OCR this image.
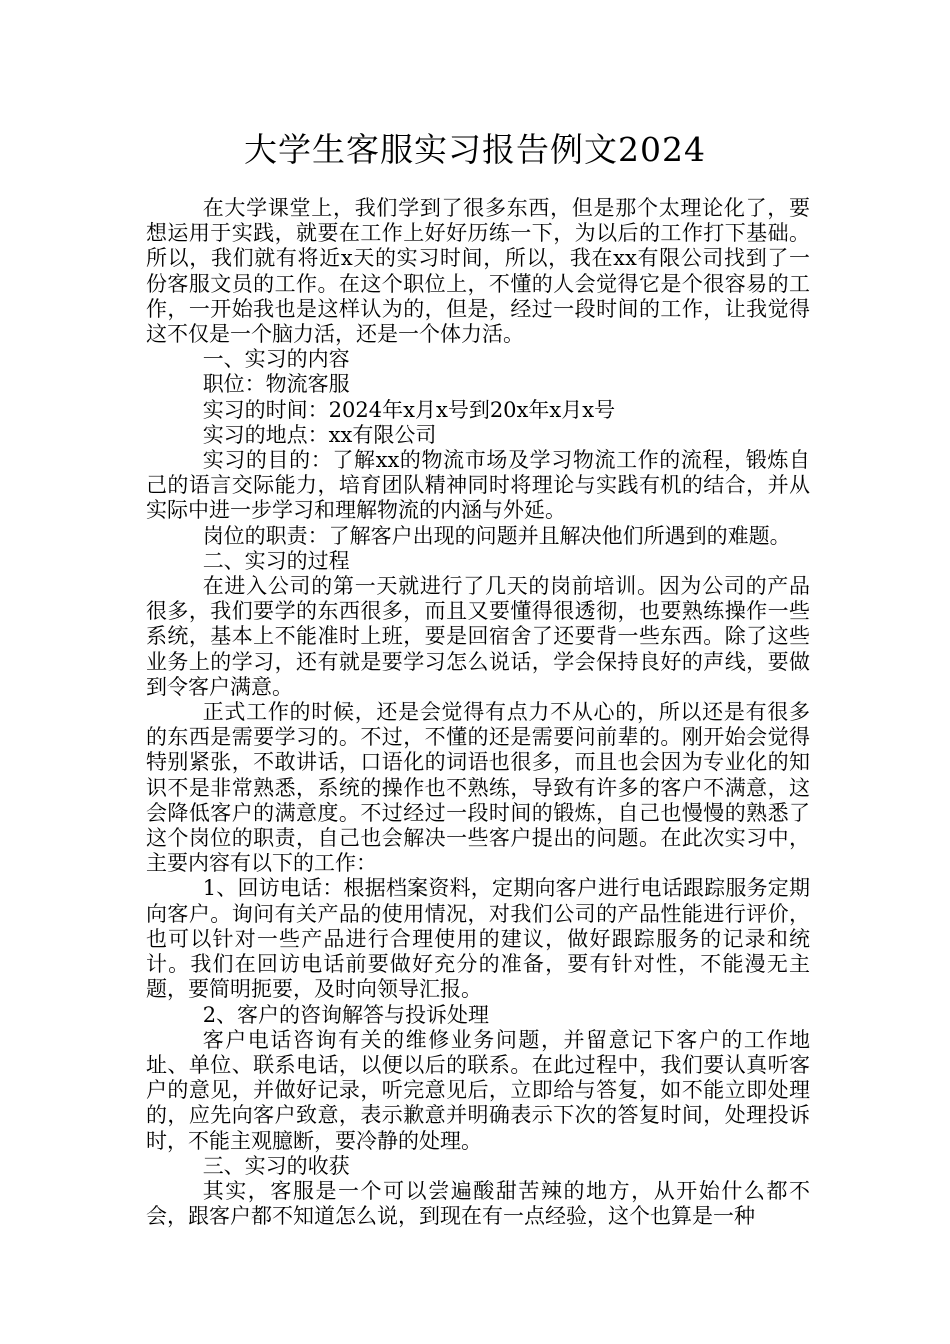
大学生客服实习报告例文2024

在大学课堂上，我们学到了很多东西，但是那个太理论化了，要想运用于实践，就要在工作上好好历练一下，为以后的工作打下基础。所以，我们就有将近x天的实习时间，所以，我在xx有限公司找到了一份客服文员的工作。在这个职位上，不懂的人会觉得它是个很容易的工作，一开始我也是这样认为的，但是，经过一段时间的工作，让我觉得这不仅是一个脑力活，还是一个体力活。

一、实习的内容

职位：物流客服

实习的时间：2024年x月x号到20x年x月x号

实习的地点：xx有限公司

实习的目的：了解xx的物流市场及学习物流工作的流程，锻炼自己的语言交际能力，培育团队精神同时将理论与实践有机的结合，并从实际中进一步学习和理解物流的内涵与外延。

岗位的职责：了解客户出现的问题并且解决他们所遇到的难题。

二、实习的过程

在进入公司的第一天就进行了几天的岗前培训。因为公司的产品很多，我们要学的东西很多，而且又要懂得很透彻，也要熟练操作一些系统，基本上不能准时上班，要是回宿舍了还要背一些东西。除了这些业务上的学习，还有就是要学习怎么说话，学会保持良好的声线，要做到令客户满意。

正式工作的时候，还是会觉得有点力不从心的，所以还是有很多的东西是需要学习的。不过，不懂的还是需要问前辈的。刚开始会觉得特别紧张，不敢讲话，口语化的词语也很多，而且也会因为专业化的知识不是非常熟悉，系统的操作也不熟练，导致有许多的客户不满意，这会降低客户的满意度。不过经过一段时间的锻炼，自己也慢慢的熟悉了这个岗位的职责，自己也会解决一些客户提出的问题。在此次实习中，主要内容有以下的工作：

1、回访电话：根据档案资料，定期向客户进行电话跟踪服务定期向客户。询问有关产品的使用情况，对我们公司的产品性能进行评价，也可以针对一些产品进行合理使用的建议，做好跟踪服务的记录和统计。我们在回访电话前要做好充分的准备，要有针对性，不能漫无主题，要简明扼要，及时向领导汇报。

2、客户的咨询解答与投诉处理

客户电话咨询有关的维修业务问题，并留意记下客户的工作地址、单位、联系电话，以便以后的联系。在此过程中，我们要认真听客户的意见，并做好记录，听完意见后，立即给与答复，如不能立即处理的，应先向客户致意，表示歉意并明确表示下次的答复时间，处理投诉时，不能主观臆断，要冷静的处理。

三、实习的收获

其实，客服是一个可以尝遍酸甜苦辣的地方，从开始什么都不会，跟客户都不知道怎么说，到现在有一点经验，这个也算是一种
